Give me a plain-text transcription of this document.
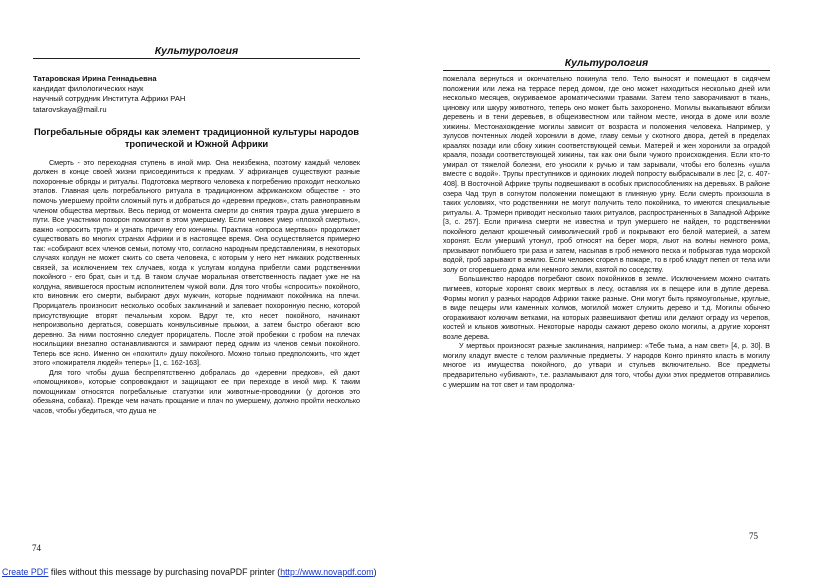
Культурология
Татаровская Ирина Геннадьевна
кандидат филологических наук
научный сотрудник Института Африки РАН
tatarovskaya@mail.ru
Погребальные обряды как элемент традиционной культуры народов тропической и Южной Африки

Смерть - это переходная ступень в иной мир. Она неизбежна, поэтому каждый человек должен в конце своей жизни присоединиться к предкам. У африканцев существуют разные похоронные обряды и ритуалы. Подготовка мертвого человека к погребению проходит несколько этапов. Главная цель погребального ритуала в традиционном африканском обществе - это помочь умершему пройти сложный путь и добраться до «деревни предков», стать равноправным членом общества мертвых. Весь период от момента смерти до снятия траура душа умершего в пути. Все участники похорон помогают в этом умершему. Если человек умер «плохой смертью», важно «опросить труп» и узнать причину его кончины. Практика «опроса мертвых» продолжает существовать во многих странах Африки и в настоящее время. Она осуществляется примерно так: «собирают всех членов семьи, потому что, согласно народным представлениям, в некоторых случаях колдун не может сжить со света человека, с которым у него нет никаких родственных связей, за исключением тех случаев, когда к услугам колдуна прибегли сами родственники покойного - его брат, сын и т.д. В таком случае моральная ответственность падает уже не на колдуна, явившегося простым исполнителем чужой воли. Для того чтобы «спросить» покойного, кто виновник его смерти, выбирают двух мужчин, которые поднимают покойника на плечи. Прорицатель произносит несколько особых заклинаний и запевает похоронную песню, которой присутствующие вторят печальным хором. Вдруг те, кто несет покойного, начинают непроизвольно дергаться, совершать конвульсивные прыжки, а затем быстро обегают всю деревню. За ними постоянно следует прорицатель. После этой пробежки с гробом на плечах носильщики внезапно останавливаются и замирают перед одним из членов семьи покойного. Теперь все ясно. Именно он «похитил» душу покойного. Можно только предположить, что ждет этого «пожирателя людей» теперь» [1, с. 162-163].

Для того чтобы душа беспрепятственно добралась до «деревни предков», ей дают «помощников», которые сопровождают и защищают ее при переходе в иной мир. К таким помощникам относятся погребальные статуэтки или животные-проводники (у догонов это обезьяна, собака). Прежде чем начать прощание и плач по умершему, должно пройти несколько часов, чтобы убедиться, что душа не

74
Культурология

пожелала вернуться и окончательно покинула тело. Тело выносят и помещают в сидячем положении или лежа на террасе перед домом, где оно может находиться несколько дней или несколько месяцев, окуриваемое ароматическими травами. Затем тело заворачивают в ткань, циновку или шкуру животного, теперь оно может быть захоронено. Могилы выкапывают вблизи деревень и в тени деревьев, в общеизвестном или тайном месте, иногда в доме или возле хижины. Местонахождение могилы зависит от возраста и положения человека. Например, у зулусов почтенных людей хоронили в доме, главу семьи у скотного двора, детей в пределах краалях позади или сбоку хижин соответствующей семьи. Матерей и жен хоронили за оградой крааля, позади соответствующей хижины, так как они были чужого происхождения. Если кто-то умирал от тяжелой болезни, его уносили к ручью и там зарывали, чтобы его болезнь «ушла вместе с водой». Трупы преступников и одиноких людей попросту выбрасывали в лес [2, с. 407-408]. В Восточной Африке трупы подвешивают в особых приспособлениях на деревьях. В районе озера Чад труп в согнутом положении помещают в глиняную урну. Если смерть произошла в таких условиях, что родственники не могут получить тело покойника, то имеются специальные ритуалы. А. Трэмерн приводит несколько таких ритуалов, распространенных в Западной Африке [3, с. 257]. Если причина смерти не известна и труп умершего не найден, то родственники покойного делают крошечный символический гроб и покрывают его белой материей, а затем хоронят. Если умерший утонул, гроб относят на берег моря, льют на волны немного рома, призывают погибшего три раза и затем, насыпав в гроб немного песка и побрызгав туда морской водой, гроб зарывают в землю. Если человек сгорел в пожаре, то в гроб кладут пепел от тела или золу от сгоревшего дома или немного земли, взятой по соседству.

Большинство народов погребают своих покойников в земле. Исключением можно считать пигмеев, которые хоронят своих мертвых в лесу, оставляя их в пещере или в дупле дерева. Формы могил у разных народов Африки также разные. Они могут быть прямоугольные, круглые, в виде пещеры или каменных холмов, могилой может служить дерево и т.д. Могилы обычно огораживают колючим ветками, на которых развешивают фетиш или делают ограду из черепов, костей и клыков животных. Некоторые народы сажают дерево около могилы, а другие хоронят возле дерева.

У мертвых произносят разные заклинания, например: «Тебе тьма, а нам свет» [4, р. 30]. В могилу кладут вместе с телом различные предметы. У народов Конго принято класть в могилу многое из имущества покойного, до утвари и стульев включительно. Все предметы предварительно «убивают», т.е. разламывают для того, чтобы духи этих предметов отправились с умершим на тот свет и там продолжа-

75
Create PDF files without this message by purchasing novaPDF printer (http://www.novapdf.com)
